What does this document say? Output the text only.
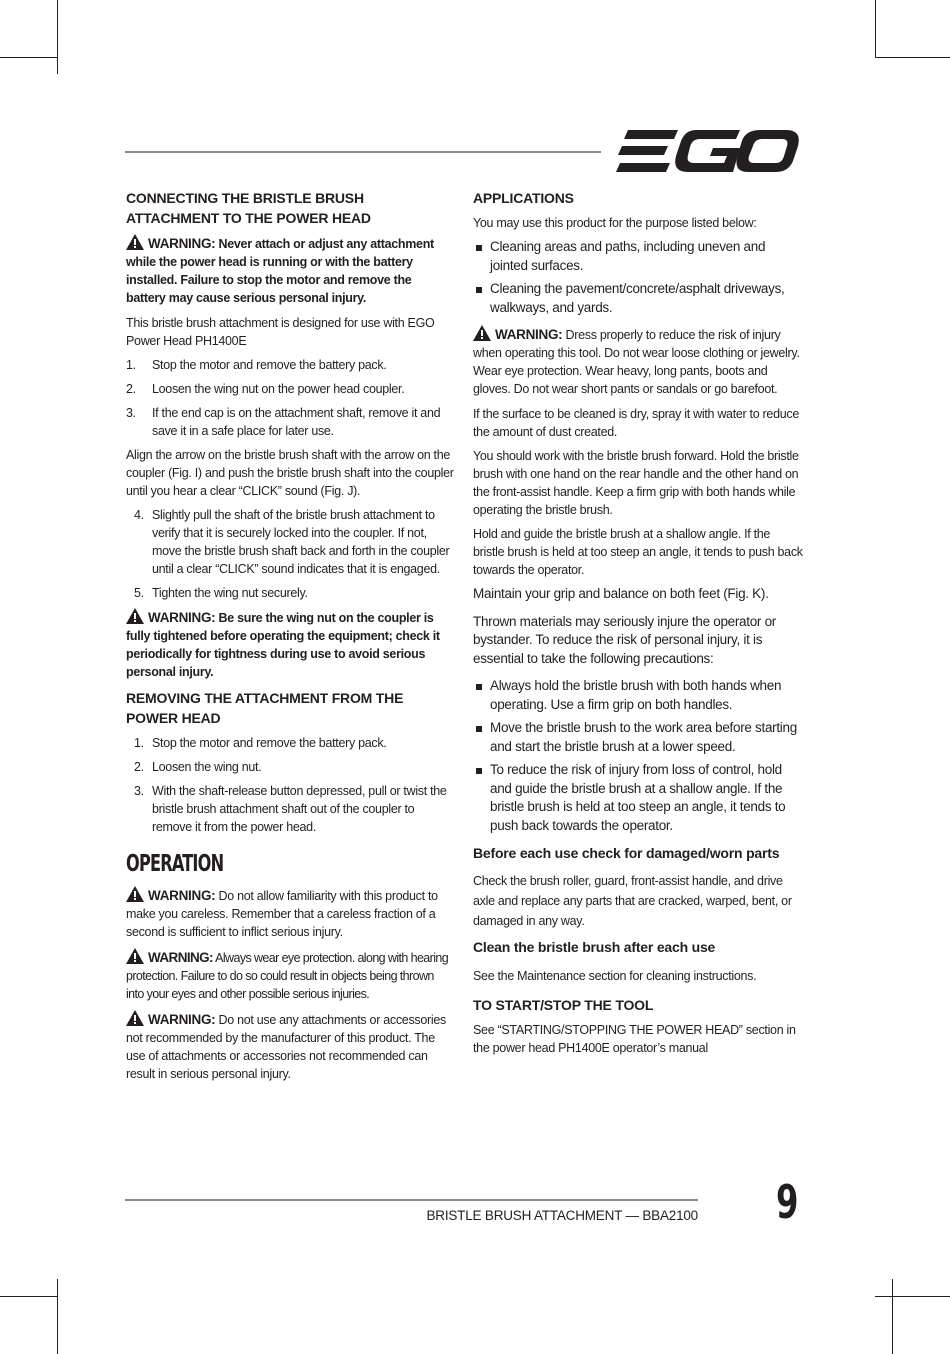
CONNECTING THE BRISTLE BRUSH ATTACHMENT TO THE POWER HEAD
WARNING: Never attach or adjust any attachment while the power head is running or with the battery installed. Failure to stop the motor and remove the battery may cause serious personal injury.

This bristle brush attachment is designed for use with EGO Power Head PH1400E

1. Stop the motor and remove the battery pack.
2. Loosen the wing nut on the power head coupler.
3. If the end cap is on the attachment shaft, remove it and save it in a safe place for later use.

Align the arrow on the bristle brush shaft with the arrow on the coupler (Fig. I) and push the bristle brush shaft into the coupler until you hear a clear “CLICK” sound (Fig. J).

4. Slightly pull the shaft of the bristle brush attachment to verify that it is securely locked into the coupler. If not, move the bristle brush shaft back and forth in the coupler until a clear “CLICK” sound indicates that it is engaged.
5. Tighten the wing nut securely.
WARNING: Be sure the wing nut on the coupler is fully tightened before operating the equipment; check it periodically for tightness during use to avoid serious personal injury.
REMOVING THE ATTACHMENT FROM THE POWER HEAD
1. Stop the motor and remove the battery pack.
2. Loosen the wing nut.
3. With the shaft-release button depressed, pull or twist the bristle brush attachment shaft out of the coupler to remove it from the power head.
OPERATION
WARNING: Do not allow familiarity with this product to make you careless. Remember that a careless fraction of a second is sufficient to inflict serious injury.
WARNING: Always wear eye protection. along with hearing protection. Failure to do so could result in objects being thrown into your eyes and other possible serious injuries.
WARNING: Do not use any attachments or accessories not recommended by the manufacturer of this product. The use of attachments or accessories not recommended can result in serious personal injury.
APPLICATIONS

You may use this product for the purpose listed below:

Cleaning areas and paths, including uneven and jointed surfaces.
Cleaning the pavement/concrete/asphalt driveways, walkways, and yards.
WARNING: Dress properly to reduce the risk of injury when operating this tool. Do not wear loose clothing or jewelry. Wear eye protection. Wear heavy, long pants, boots and gloves. Do not wear short pants or sandals or go barefoot.

If the surface to be cleaned is dry, spray it with water to reduce the amount of dust created.

You should work with the bristle brush forward. Hold the bristle brush with one hand on the rear handle and the other hand on the front-assist handle. Keep a firm grip with both hands while operating the bristle brush.

Hold and guide the bristle brush at a shallow angle. If the bristle brush is held at too steep an angle, it tends to push back towards the operator.

Maintain your grip and balance on both feet (Fig. K).

Thrown materials may seriously injure the operator or bystander. To reduce the risk of personal injury, it is essential to take the following precautions:

Always hold the bristle brush with both hands when operating. Use a firm grip on both handles.
Move the bristle brush to the work area before starting and start the bristle brush at a lower speed.
To reduce the risk of injury from loss of control, hold and guide the bristle brush at a shallow angle. If the bristle brush is held at too steep an angle, it tends to push back towards the operator.
Before each use check for damaged/worn parts

Check the brush roller, guard, front-assist handle, and drive axle and replace any parts that are cracked, warped, bent, or damaged in any way.

Clean the bristle brush after each use

See the Maintenance section for cleaning instructions.

TO START/STOP THE TOOL

See “STARTING/STOPPING THE POWER HEAD” section in the power head PH1400E operator’s manual

BRISTLE BRUSH ATTACHMENT — BBA2100 9
